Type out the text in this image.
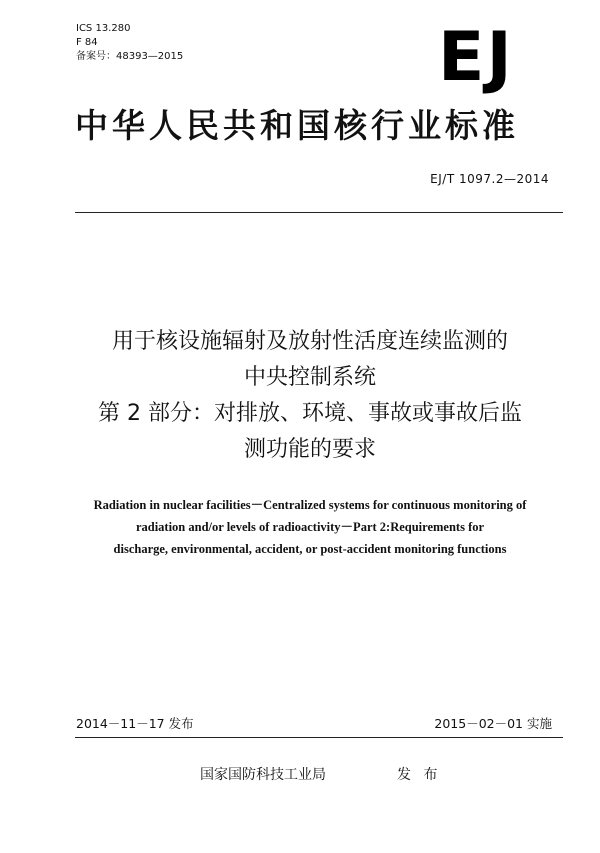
ICS 13.280
F 84
备案号：48393—2015	EJ
中华人民共和国核行业标准
EJ/T 1097.2—2014
用于核设施辐射及放射性活度连续监测的
中央控制系统
第 2 部分：对排放、环境、事故或事故后监
测功能的要求
Radiation in nuclear facilities－Centralized systems for continuous monitoring of
radiation and/or levels of radioactivity－Part 2:Requirements for
discharge, environmental, accident, or post-accident monitoring functions
2014－11－17 发布	2015－02－01 实施
国家国防科技工业局	发 布
